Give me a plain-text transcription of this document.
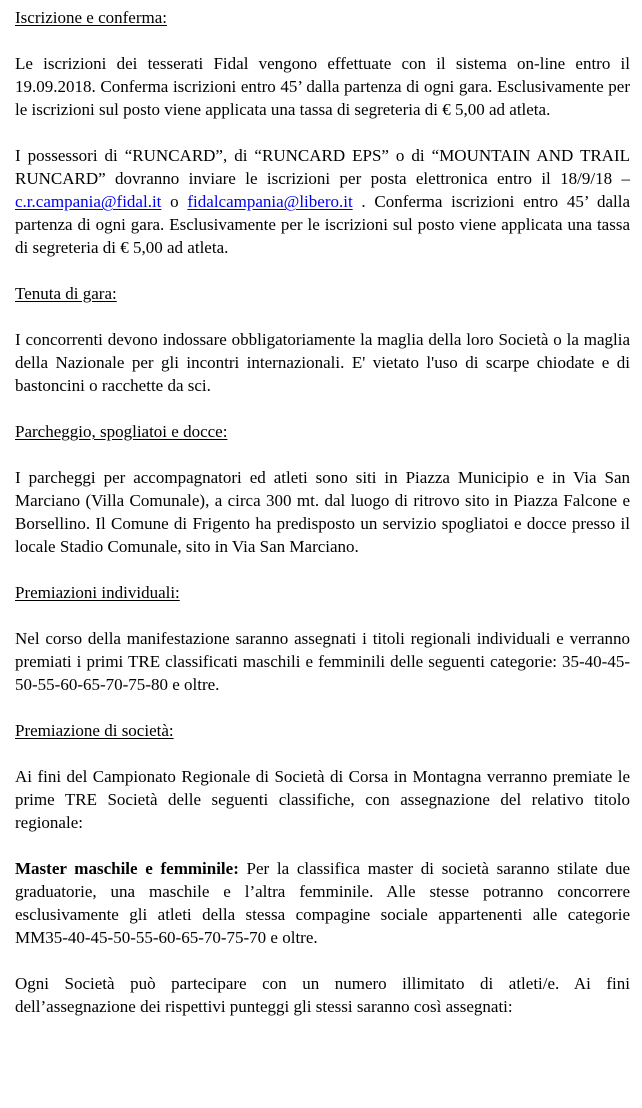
Iscrizione e conferma:

Le iscrizioni dei tesserati Fidal vengono effettuate con il sistema on-line entro il 19.09.2018. Conferma iscrizioni entro 45’ dalla partenza di ogni gara. Esclusivamente per le iscrizioni sul posto viene applicata una tassa di segreteria di € 5,00 ad atleta.

I possessori di “RUNCARD”, di “RUNCARD EPS” o di “MOUNTAIN AND TRAIL RUNCARD” dovranno inviare le iscrizioni per posta elettronica entro il 18/9/18 – c.r.campania@fidal.it o fidalcampania@libero.it . Conferma iscrizioni entro 45’ dalla partenza di ogni gara. Esclusivamente per le iscrizioni sul posto viene applicata una tassa di segreteria di € 5,00 ad atleta.

Tenuta di gara:

I concorrenti devono indossare obbligatoriamente la maglia della loro Società o la maglia della Nazionale per gli incontri internazionali. E' vietato l'uso di scarpe chiodate e di bastoncini o racchette da sci.

Parcheggio, spogliatoi e docce:

I parcheggi per accompagnatori ed atleti sono siti in Piazza Municipio e in Via San Marciano (Villa Comunale), a circa 300 mt. dal luogo di ritrovo sito in Piazza Falcone e Borsellino. Il Comune di Frigento ha predisposto un servizio spogliatoi e docce presso il locale Stadio Comunale, sito in Via San Marciano.

Premiazioni individuali:

Nel corso della manifestazione saranno assegnati i titoli regionali individuali e verranno premiati i primi TRE classificati maschili e femminili delle seguenti categorie: 35-40-45-50-55-60-65-70-75-80 e oltre.

Premiazione di società:

Ai fini del Campionato Regionale di Società di Corsa in Montagna verranno premiate le prime TRE Società delle seguenti classifiche, con assegnazione del relativo titolo regionale:

Master maschile e femminile: Per la classifica master di società saranno stilate due graduatorie, una maschile e l’altra femminile. Alle stesse potranno concorrere esclusivamente gli atleti della stessa compagine sociale appartenenti alle categorie MM35-40-45-50-55-60-65-70-75-70 e oltre.

Ogni Società può partecipare con un numero illimitato di atleti/e. Ai fini dell’assegnazione dei rispettivi punteggi gli stessi saranno così assegnati:
